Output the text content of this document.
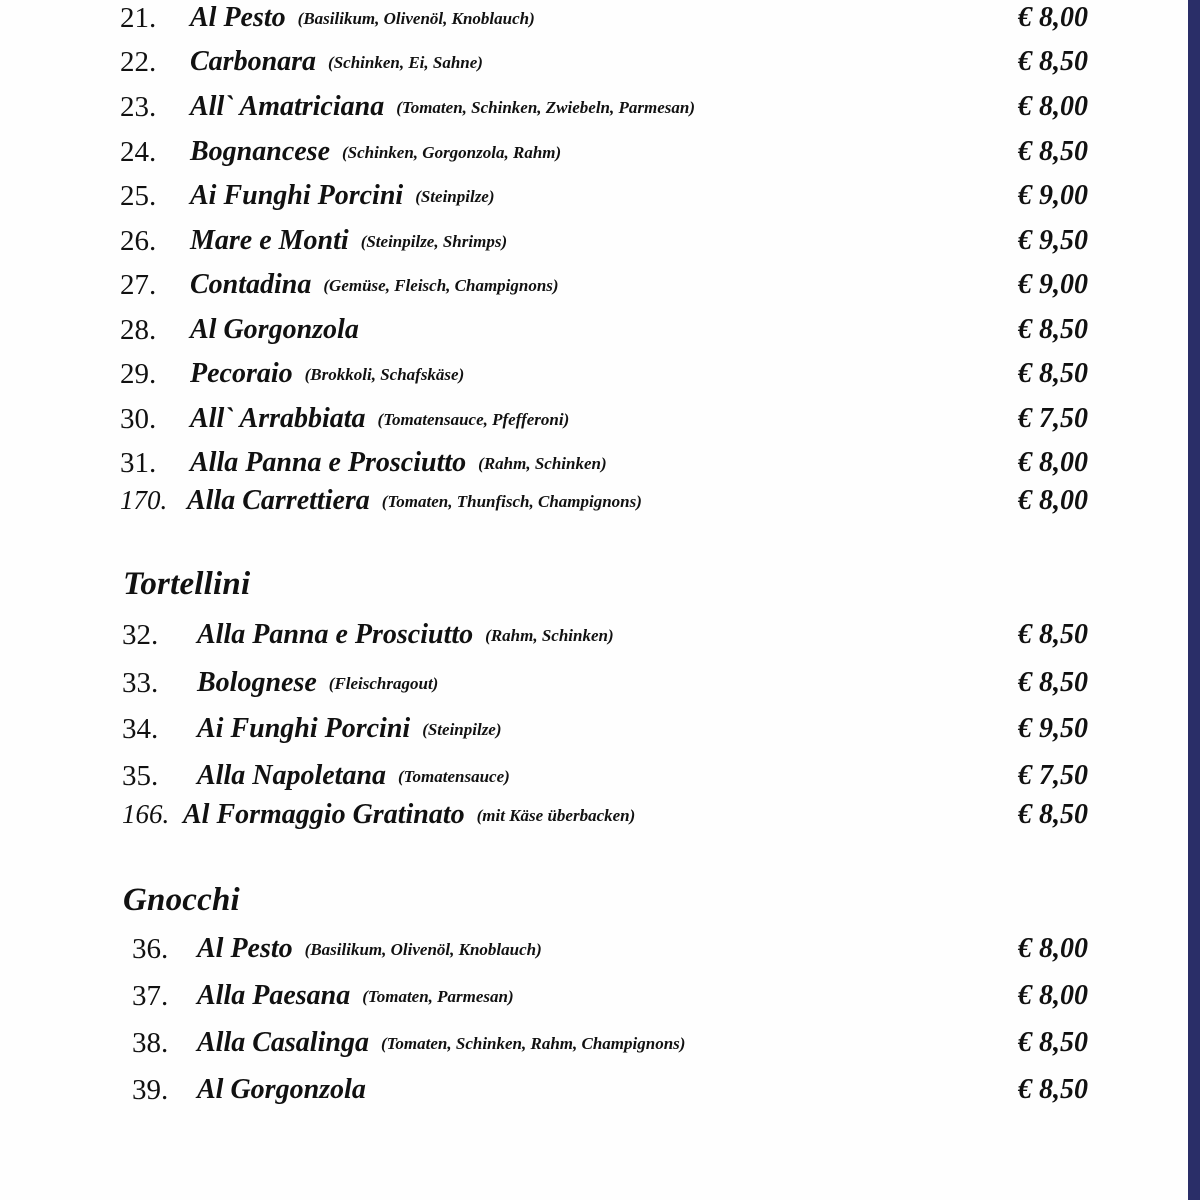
21. Al Pesto (Basilikum, Olivenöl, Knoblauch)	€ 8,00
22. Carbonara (Schinken, Ei, Sahne)	€ 8,50
23. All` Amatriciana (Tomaten, Schinken, Zwiebeln, Parmesan)	€ 8,00
24. Bognancese (Schinken, Gorgonzola, Rahm)	€ 8,50
25. Ai Funghi Porcini (Steinpilze)	€ 9,00
26. Mare e Monti (Steinpilze, Shrimps)	€ 9,50
27. Contadina (Gemüse, Fleisch, Champignons)	€ 9,00
28. Al Gorgonzola	€ 8,50
29. Pecoraio (Brokkoli, Schafskäse)	€ 8,50
30. All` Arrabbiata (Tomatensauce, Pfefferoni)	€ 7,50
31. Alla Panna e Prosciutto (Rahm, Schinken)	€ 8,00
170. Alla Carrettiera (Tomaten, Thunfisch, Champignons)	€ 8,00
Tortellini
32. Alla Panna e Prosciutto (Rahm, Schinken)	€ 8,50
33. Bolognese (Fleischragout)	€ 8,50
34. Ai Funghi Porcini (Steinpilze)	€ 9,50
35. Alla Napoletana (Tomatensauce)	€ 7,50
166. Al Formaggio Gratinato (mit Käse überbacken)	€ 8,50
Gnocchi
36. Al Pesto (Basilikum, Olivenöl, Knoblauch)	€ 8,00
37. Alla Paesana (Tomaten, Parmesan)	€ 8,00
38. Alla Casalinga (Tomaten, Schinken, Rahm, Champignons)	€ 8,50
39. Al Gorgonzola	€ 8,50
